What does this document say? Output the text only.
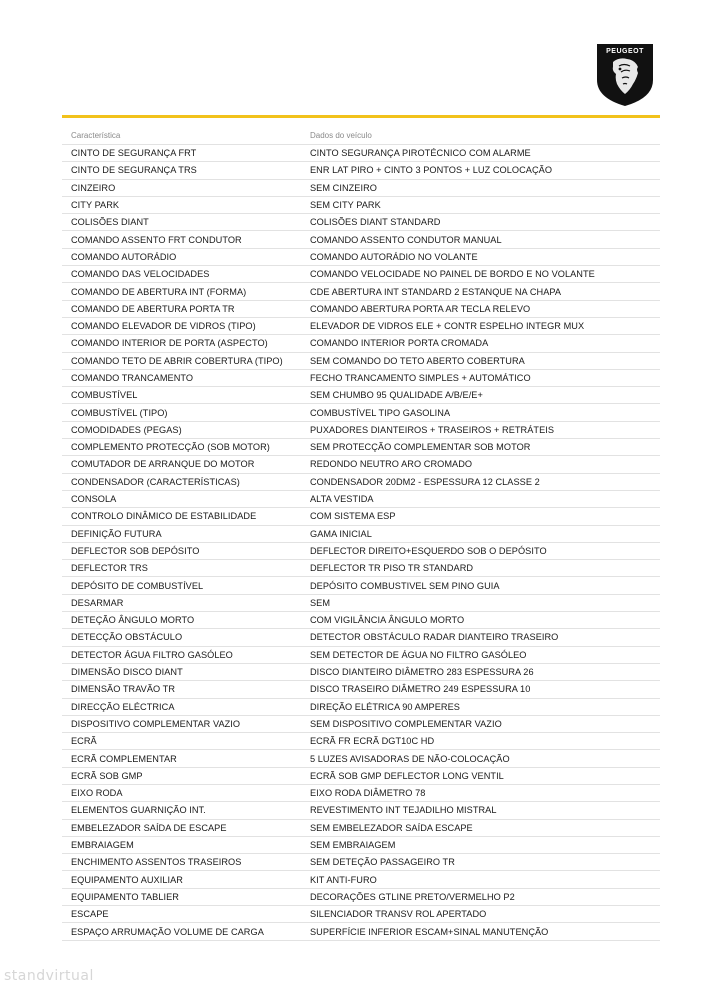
PEUGEOT
Característica	Dados do veículo
CINTO DE SEGURANÇA FRT	CINTO SEGURANÇA PIROTÉCNICO COM ALARME
CINTO DE SEGURANÇA TRS	ENR LAT PIRO + CINTO 3 PONTOS + LUZ COLOCAÇÃO
CINZEIRO	SEM CINZEIRO
CITY PARK	SEM CITY PARK
COLISÕES DIANT	COLISÕES DIANT STANDARD
COMANDO ASSENTO FRT CONDUTOR	COMANDO ASSENTO CONDUTOR MANUAL
COMANDO AUTORÁDIO	COMANDO AUTORÁDIO NO VOLANTE
COMANDO DAS VELOCIDADES	COMANDO VELOCIDADE NO PAINEL DE BORDO E NO VOLANTE
COMANDO DE ABERTURA INT (FORMA)	CDE ABERTURA INT STANDARD 2 ESTANQUE NA CHAPA
COMANDO DE ABERTURA PORTA TR	COMANDO ABERTURA PORTA AR TECLA RELEVO
COMANDO ELEVADOR DE VIDROS (TIPO)	ELEVADOR DE VIDROS ELE + CONTR ESPELHO INTEGR MUX
COMANDO INTERIOR DE PORTA (ASPECTO)	COMANDO INTERIOR PORTA CROMADA
COMANDO TETO DE ABRIR COBERTURA (TIPO)	SEM COMANDO DO TETO ABERTO COBERTURA
COMANDO TRANCAMENTO	FECHO TRANCAMENTO SIMPLES + AUTOMÁTICO
COMBUSTÍVEL	SEM CHUMBO 95 QUALIDADE A/B/E/E+
COMBUSTÍVEL (TIPO)	COMBUSTÍVEL TIPO GASOLINA
COMODIDADES (PEGAS)	PUXADORES DIANTEIROS + TRASEIROS + RETRÁTEIS
COMPLEMENTO PROTECÇÃO (SOB MOTOR)	SEM PROTECÇÃO COMPLEMENTAR SOB MOTOR
COMUTADOR DE ARRANQUE DO MOTOR	REDONDO NEUTRO ARO CROMADO
CONDENSADOR (CARACTERÍSTICAS)	CONDENSADOR 20DM2 - ESPESSURA 12 CLASSE 2
CONSOLA	ALTA VESTIDA
CONTROLO DINÂMICO DE ESTABILIDADE	COM SISTEMA ESP
DEFINIÇÃO FUTURA	GAMA INICIAL
DEFLECTOR SOB DEPÓSITO	DEFLECTOR DIREITO+ESQUERDO SOB O DEPÓSITO
DEFLECTOR TRS	DEFLECTOR TR PISO TR STANDARD
DEPÓSITO DE COMBUSTÍVEL	DEPÓSITO COMBUSTIVEL SEM PINO GUIA
DESARMAR	SEM
DETEÇÃO ÂNGULO MORTO	COM VIGILÂNCIA ÂNGULO MORTO
DETECÇÃO OBSTÁCULO	DETECTOR OBSTÁCULO RADAR DIANTEIRO TRASEIRO
DETECTOR ÁGUA FILTRO GASÓLEO	SEM DETECTOR DE ÁGUA NO FILTRO GASÓLEO
DIMENSÃO DISCO DIANT	DISCO DIANTEIRO DIÂMETRO 283 ESPESSURA 26
DIMENSÃO TRAVÃO TR	DISCO TRASEIRO DIÂMETRO 249 ESPESSURA 10
DIRECÇÃO ELÉCTRICA	DIREÇÃO ELÉTRICA 90 AMPERES
DISPOSITIVO COMPLEMENTAR VAZIO	SEM DISPOSITIVO COMPLEMENTAR VAZIO
ECRÃ	ECRÃ FR ECRÃ DGT10C HD
ECRÃ COMPLEMENTAR	5 LUZES AVISADORAS DE NÃO-COLOCAÇÃO
ECRÃ SOB GMP	ECRÃ SOB GMP DEFLECTOR LONG VENTIL
EIXO RODA	EIXO RODA DIÂMETRO 78
ELEMENTOS GUARNIÇÃO INT.	REVESTIMENTO INT TEJADILHO MISTRAL
EMBELEZADOR SAÍDA DE ESCAPE	SEM EMBELEZADOR SAÍDA ESCAPE
EMBRAIAGEM	SEM EMBRAIAGEM
ENCHIMENTO ASSENTOS TRASEIROS	SEM DETEÇÃO PASSAGEIRO TR
EQUIPAMENTO AUXILIAR	KIT ANTI-FURO
EQUIPAMENTO TABLIER	DECORAÇÕES GTLINE PRETO/VERMELHO P2
ESCAPE	SILENCIADOR TRANSV ROL APERTADO
ESPAÇO ARRUMAÇÃO VOLUME DE CARGA	SUPERFÍCIE INFERIOR ESCAM+SINAL MANUTENÇÃO
standvirtual
